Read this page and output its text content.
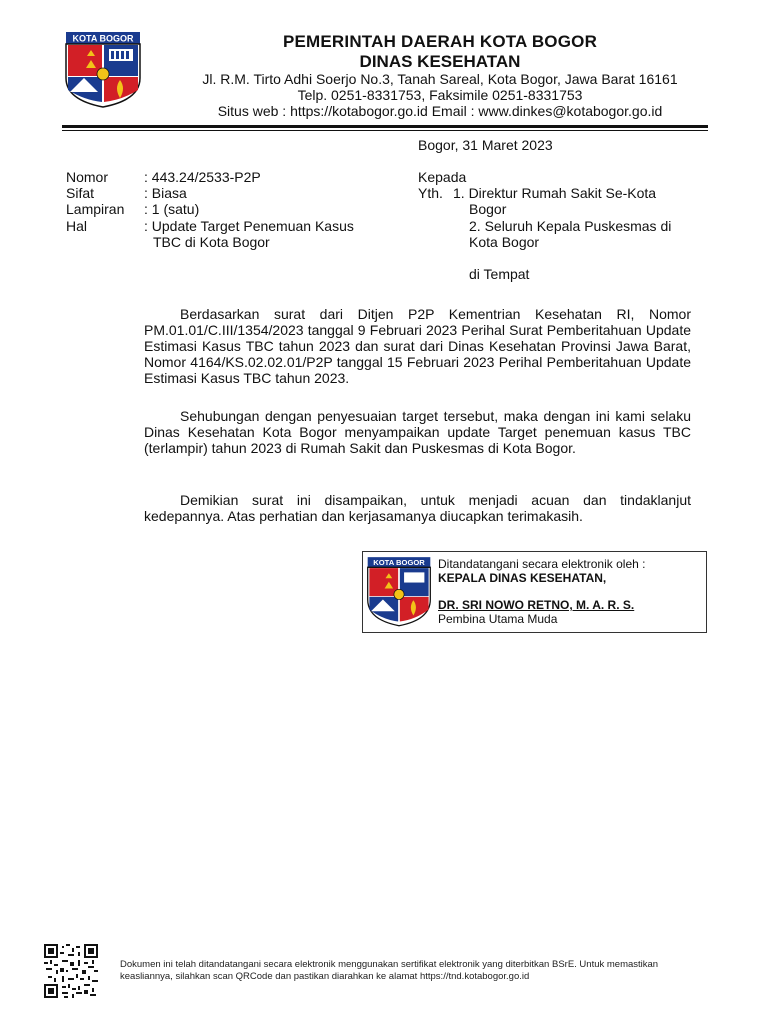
KOTA BOGOR	PEMERINTAH DAERAH KOTA BOGOR
DINAS KESEHATAN
Jl. R.M. Tirto Adhi Soerjo No.3, Tanah Sareal, Kota Bogor, Jawa Barat 16161
Telp. 0251-8331753, Faksimile 0251-8331753
Situs web : https://kotabogor.go.id Email : www.dinkes@kotabogor.go.id
Bogor, 31 Maret 2023
Nomor	: 443.24/2533-P2P
Sifat	: Biasa
Lampiran : 1 (satu)
Hal	: Update Target Penemuan Kasus
TBC di Kota Bogor
Kepada
Yth. 1. Direktur Rumah Sakit Se-Kota
Bogor
2. Seluruh Kepala Puskesmas di
Kota Bogor
di Tempat
Berdasarkan surat dari Ditjen P2P Kementrian Kesehatan RI, Nomor PM.01.01/C.III/1354/2023 tanggal 9 Februari 2023 Perihal Surat Pemberitahuan Update Estimasi Kasus TBC tahun 2023 dan surat dari Dinas Kesehatan Provinsi Jawa Barat, Nomor 4164/KS.02.02.01/P2P tanggal 15 Februari 2023 Perihal Pemberitahuan Update Estimasi Kasus TBC tahun 2023.
Sehubungan dengan penyesuaian target tersebut, maka dengan ini kami selaku Dinas Kesehatan Kota Bogor menyampaikan update Target penemuan kasus TBC (terlampir) tahun 2023 di Rumah Sakit dan Puskesmas di Kota Bogor.
Demikian surat ini disampaikan, untuk menjadi acuan dan tindaklanjut kedepannya. Atas perhatian dan kerjasamanya diucapkan terimakasih.
KOTA BOGOR Ditandatangani secara elektronik oleh :
KEPALA DINAS KESEHATAN,
DR. SRI NOWO RETNO, M. A. R. S.
Pembina Utama Muda
Dokumen ini telah ditandatangani secara elektronik menggunakan sertifikat elektronik yang diterbitkan BSrE. Untuk memastikan
keasliannya, silahkan scan QRCode dan pastikan diarahkan ke alamat https://tnd.kotabogor.go.id
